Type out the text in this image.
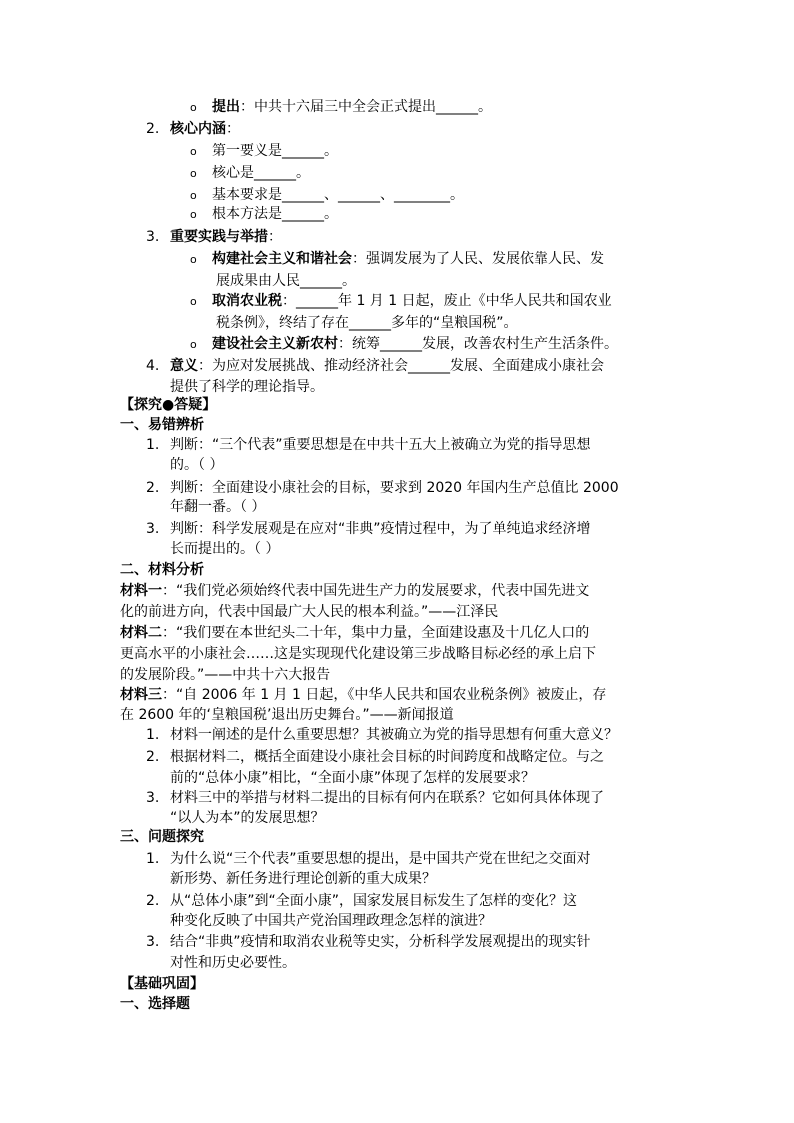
o 提出：中共十六届三中全会正式提出______。
2. 核心内涵：
o 第一要义是______。
o 核心是______。
o 基本要求是______、______、________。
o 根本方法是______。
3. 重要实践与举措：
o 构建社会主义和谐社会：强调发展为了人民、发展依靠人民、发
展成果由人民______。
o 取消农业税：______年 1 月 1 日起，废止《中华人民共和国农业
税条例》，终结了存在______多年的“皇粮国税”。
o 建设社会主义新农村：统筹______发展，改善农村生产生活条件。
4. 意义：为应对发展挑战、推动经济社会______发展、全面建成小康社会
提供了科学的理论指导。
【探究●答疑】
一、易错辨析
1. 判断：“三个代表”重要思想是在中共十五大上被确立为党的指导思想
的。（ ）
2. 判断：全面建设小康社会的目标，要求到 2020 年国内生产总值比 2000
年翻一番。（ ）
3. 判断：科学发展观是在应对“非典”疫情过程中，为了单纯追求经济增
长而提出的。（ ）
二、材料分析
材料一：“我们党必须始终代表中国先进生产力的发展要求，代表中国先进文
化的前进方向，代表中国最广大人民的根本利益。”——江泽民
材料二：“我们要在本世纪头二十年，集中力量，全面建设惠及十几亿人口的
更高水平的小康社会……这是实现现代化建设第三步战略目标必经的承上启下
的发展阶段。”——中共十六大报告
材料三：“自 2006 年 1 月 1 日起，《中华人民共和国农业税条例》被废止，存
在 2600 年的‘皇粮国税’退出历史舞台。”——新闻报道
1. 材料一阐述的是什么重要思想？其被确立为党的指导思想有何重大意义？
2. 根据材料二，概括全面建设小康社会目标的时间跨度和战略定位。与之
前的“总体小康”相比，“全面小康”体现了怎样的发展要求？
3. 材料三中的举措与材料二提出的目标有何内在联系？它如何具体体现了
“以人为本”的发展思想？
三、问题探究
1. 为什么说“三个代表”重要思想的提出，是中国共产党在世纪之交面对
新形势、新任务进行理论创新的重大成果？
2. 从“总体小康”到“全面小康”，国家发展目标发生了怎样的变化？这
种变化反映了中国共产党治国理政理念怎样的演进？
3. 结合“非典”疫情和取消农业税等史实，分析科学发展观提出的现实针
对性和历史必要性。
【基础巩固】
一、选择题
